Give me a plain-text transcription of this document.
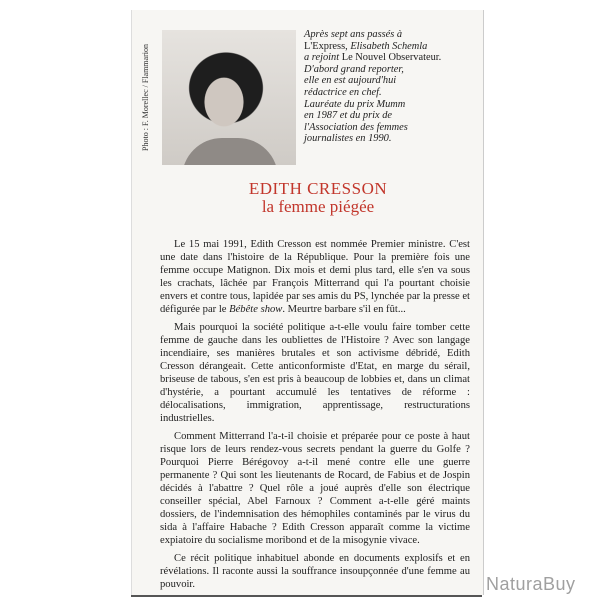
Photo : F. Morellec / Flammarion
Après sept ans passés à
L'Express, Elisabeth Schemla
a rejoint Le Nouvel Observateur.
D'abord grand reporter,
elle en est aujourd'hui
rédactrice en chef.
Lauréate du prix Mumm
en 1987 et du prix de
l'Association des femmes
journalistes en 1990.
EDITH CRESSON
la femme piégée

Le 15 mai 1991, Edith Cresson est nommée Premier ministre. C'est une date dans l'histoire de la République. Pour la première fois une femme occupe Matignon. Dix mois et demi plus tard, elle s'en va sous les crachats, lâchée par François Mitterrand qui l'a pourtant choisie envers et contre tous, lapidée par ses amis du PS, lynchée par la presse et défigurée par le Bébête show. Meurtre barbare s'il en fût...

Mais pourquoi la société politique a-t-elle voulu faire tomber cette femme de gauche dans les oubliettes de l'Histoire ? Avec son langage incendiaire, ses manières brutales et son activisme débridé, Edith Cresson dérangeait. Cette anticonformiste d'Etat, en marge du sérail, briseuse de tabous, s'en est pris à beaucoup de lobbies et, dans un climat d'hystérie, a pourtant accumulé les tentatives de réforme : délocalisations, immigration, apprentissage, restructurations industrielles.

Comment Mitterrand l'a-t-il choisie et préparée pour ce poste à haut risque lors de leurs rendez-vous secrets pendant la guerre du Golfe ? Pourquoi Pierre Bérégovoy a-t-il mené contre elle une guerre permanente ? Qui sont les lieutenants de Rocard, de Fabius et de Jospin décidés à l'abattre ? Quel rôle a joué auprès d'elle son électrique conseiller spécial, Abel Farnoux ? Comment a-t-elle géré maints dossiers, de l'indemnisation des hémophiles contaminés par le virus du sida à l'affaire Habache ? Edith Cresson apparaît comme la victime expiatoire du socialisme moribond et de la misogynie vivace.

Ce récit politique inhabituel abonde en documents explosifs et en révélations. Il raconte aussi la souffrance insoupçonnée d'une femme au pouvoir.	NaturaBuy
